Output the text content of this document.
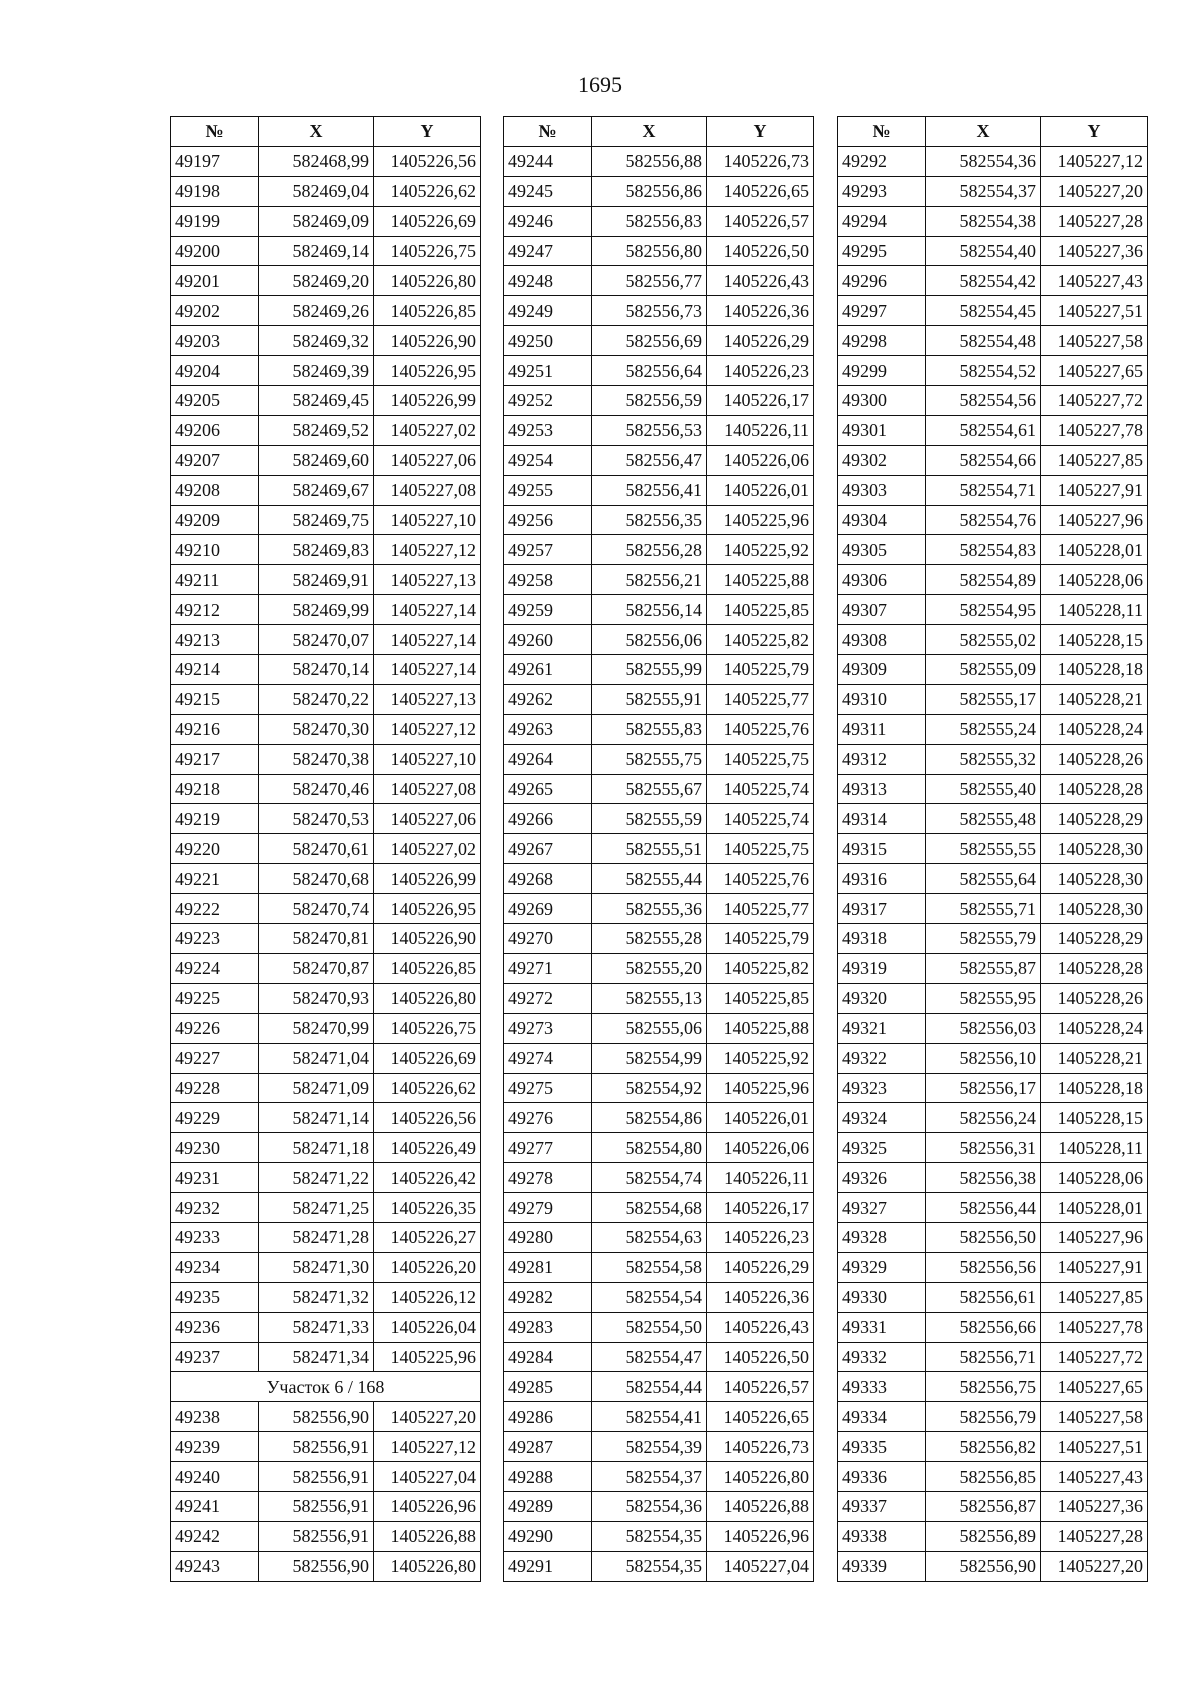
1695
№	X	Y
49197	582468,99	1405226,56
49198	582469,04	1405226,62
49199	582469,09	1405226,69
49200	582469,14	1405226,75
49201	582469,20	1405226,80
49202	582469,26	1405226,85
49203	582469,32	1405226,90
49204	582469,39	1405226,95
49205	582469,45	1405226,99
49206	582469,52	1405227,02
49207	582469,60	1405227,06
49208	582469,67	1405227,08
49209	582469,75	1405227,10
49210	582469,83	1405227,12
49211	582469,91	1405227,13
49212	582469,99	1405227,14
49213	582470,07	1405227,14
49214	582470,14	1405227,14
49215	582470,22	1405227,13
49216	582470,30	1405227,12
49217	582470,38	1405227,10
49218	582470,46	1405227,08
49219	582470,53	1405227,06
49220	582470,61	1405227,02
49221	582470,68	1405226,99
49222	582470,74	1405226,95
49223	582470,81	1405226,90
49224	582470,87	1405226,85
49225	582470,93	1405226,80
49226	582470,99	1405226,75
49227	582471,04	1405226,69
49228	582471,09	1405226,62
49229	582471,14	1405226,56
49230	582471,18	1405226,49
49231	582471,22	1405226,42
49232	582471,25	1405226,35
49233	582471,28	1405226,27
49234	582471,30	1405226,20
49235	582471,32	1405226,12
49236	582471,33	1405226,04
49237	582471,34	1405225,96
Участок 6 / 168		
49238	582556,90	1405227,20
49239	582556,91	1405227,12
49240	582556,91	1405227,04
49241	582556,91	1405226,96
49242	582556,91	1405226,88
49243	582556,90	1405226,80
№	X	Y
49244	582556,88	1405226,73
49245	582556,86	1405226,65
49246	582556,83	1405226,57
49247	582556,80	1405226,50
49248	582556,77	1405226,43
49249	582556,73	1405226,36
49250	582556,69	1405226,29
49251	582556,64	1405226,23
49252	582556,59	1405226,17
49253	582556,53	1405226,11
49254	582556,47	1405226,06
49255	582556,41	1405226,01
49256	582556,35	1405225,96
49257	582556,28	1405225,92
49258	582556,21	1405225,88
49259	582556,14	1405225,85
49260	582556,06	1405225,82
49261	582555,99	1405225,79
49262	582555,91	1405225,77
49263	582555,83	1405225,76
49264	582555,75	1405225,75
49265	582555,67	1405225,74
49266	582555,59	1405225,74
49267	582555,51	1405225,75
49268	582555,44	1405225,76
49269	582555,36	1405225,77
49270	582555,28	1405225,79
49271	582555,20	1405225,82
49272	582555,13	1405225,85
49273	582555,06	1405225,88
49274	582554,99	1405225,92
49275	582554,92	1405225,96
49276	582554,86	1405226,01
49277	582554,80	1405226,06
49278	582554,74	1405226,11
49279	582554,68	1405226,17
49280	582554,63	1405226,23
49281	582554,58	1405226,29
49282	582554,54	1405226,36
49283	582554,50	1405226,43
49284	582554,47	1405226,50
49285	582554,44	1405226,57
49286	582554,41	1405226,65
49287	582554,39	1405226,73
49288	582554,37	1405226,80
49289	582554,36	1405226,88
49290	582554,35	1405226,96
49291	582554,35	1405227,04
№	X	Y
49292	582554,36	1405227,12
49293	582554,37	1405227,20
49294	582554,38	1405227,28
49295	582554,40	1405227,36
49296	582554,42	1405227,43
49297	582554,45	1405227,51
49298	582554,48	1405227,58
49299	582554,52	1405227,65
49300	582554,56	1405227,72
49301	582554,61	1405227,78
49302	582554,66	1405227,85
49303	582554,71	1405227,91
49304	582554,76	1405227,96
49305	582554,83	1405228,01
49306	582554,89	1405228,06
49307	582554,95	1405228,11
49308	582555,02	1405228,15
49309	582555,09	1405228,18
49310	582555,17	1405228,21
49311	582555,24	1405228,24
49312	582555,32	1405228,26
49313	582555,40	1405228,28
49314	582555,48	1405228,29
49315	582555,55	1405228,30
49316	582555,64	1405228,30
49317	582555,71	1405228,30
49318	582555,79	1405228,29
49319	582555,87	1405228,28
49320	582555,95	1405228,26
49321	582556,03	1405228,24
49322	582556,10	1405228,21
49323	582556,17	1405228,18
49324	582556,24	1405228,15
49325	582556,31	1405228,11
49326	582556,38	1405228,06
49327	582556,44	1405228,01
49328	582556,50	1405227,96
49329	582556,56	1405227,91
49330	582556,61	1405227,85
49331	582556,66	1405227,78
49332	582556,71	1405227,72
49333	582556,75	1405227,65
49334	582556,79	1405227,58
49335	582556,82	1405227,51
49336	582556,85	1405227,43
49337	582556,87	1405227,36
49338	582556,89	1405227,28
49339	582556,90	1405227,20
